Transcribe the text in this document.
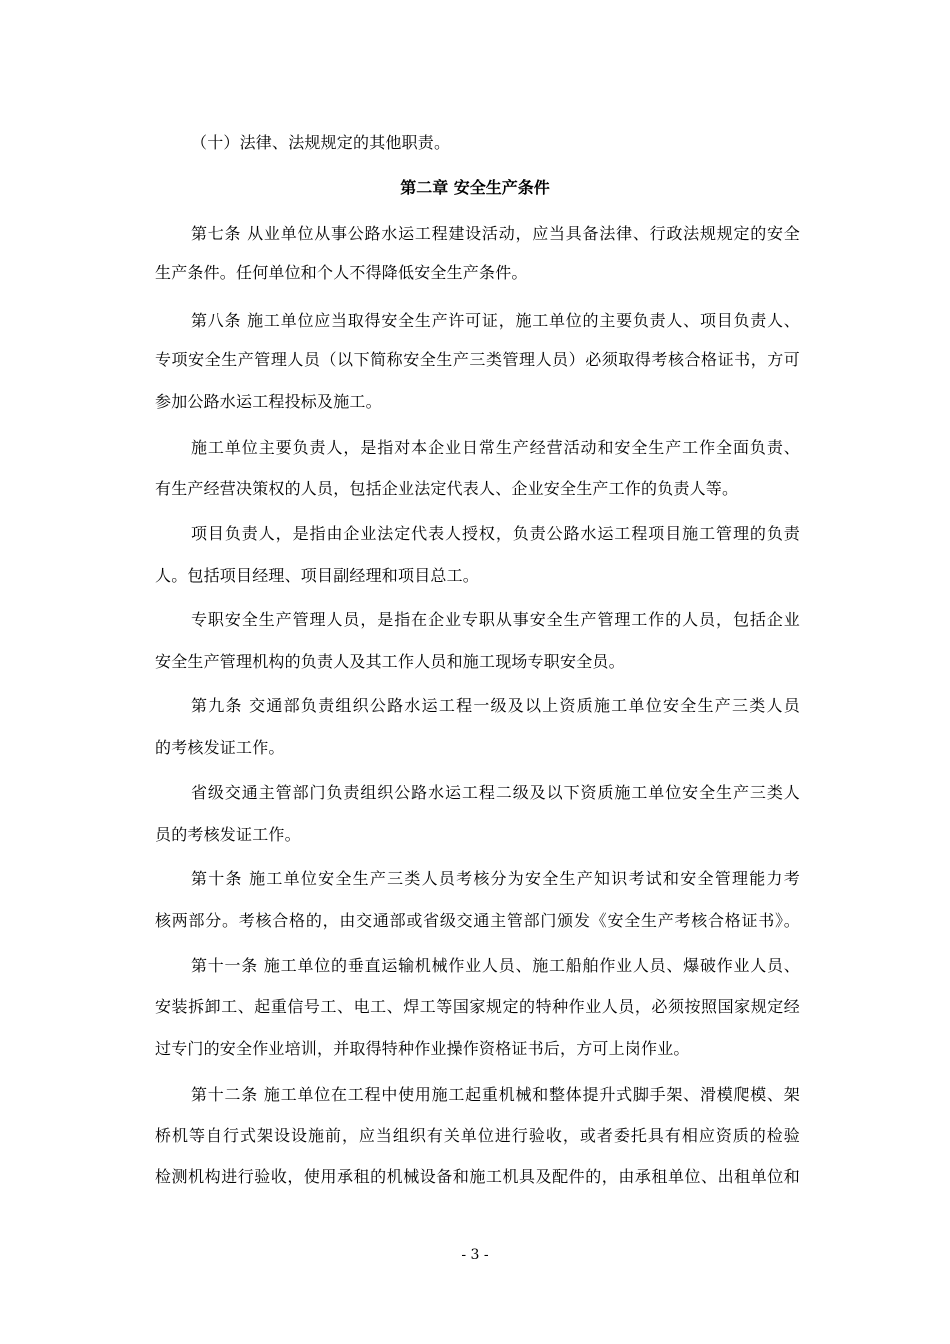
（十）法律、法规规定的其他职责。
第二章 安全生产条件
第七条 从业单位从事公路水运工程建设活动，应当具备法律、行政法规规定的安全
生产条件。任何单位和个人不得降低安全生产条件。
第八条 施工单位应当取得安全生产许可证，施工单位的主要负责人、项目负责人、
专项安全生产管理人员（以下简称安全生产三类管理人员）必须取得考核合格证书，方可
参加公路水运工程投标及施工。
施工单位主要负责人，是指对本企业日常生产经营活动和安全生产工作全面负责、
有生产经营决策权的人员，包括企业法定代表人、企业安全生产工作的负责人等。
项目负责人，是指由企业法定代表人授权，负责公路水运工程项目施工管理的负责
人。包括项目经理、项目副经理和项目总工。
专职安全生产管理人员，是指在企业专职从事安全生产管理工作的人员，包括企业
安全生产管理机构的负责人及其工作人员和施工现场专职安全员。
第九条 交通部负责组织公路水运工程一级及以上资质施工单位安全生产三类人员
的考核发证工作。
省级交通主管部门负责组织公路水运工程二级及以下资质施工单位安全生产三类人
员的考核发证工作。
第十条 施工单位安全生产三类人员考核分为安全生产知识考试和安全管理能力考
核两部分。考核合格的，由交通部或省级交通主管部门颁发《安全生产考核合格证书》。
第十一条 施工单位的垂直运输机械作业人员、施工船舶作业人员、爆破作业人员、
安装拆卸工、起重信号工、电工、焊工等国家规定的特种作业人员，必须按照国家规定经
过专门的安全作业培训，并取得特种作业操作资格证书后，方可上岗作业。
第十二条 施工单位在工程中使用施工起重机械和整体提升式脚手架、滑模爬模、架
桥机等自行式架设设施前，应当组织有关单位进行验收，或者委托具有相应资质的检验
检测机构进行验收，使用承租的机械设备和施工机具及配件的，由承租单位、出租单位和
- 3 -
